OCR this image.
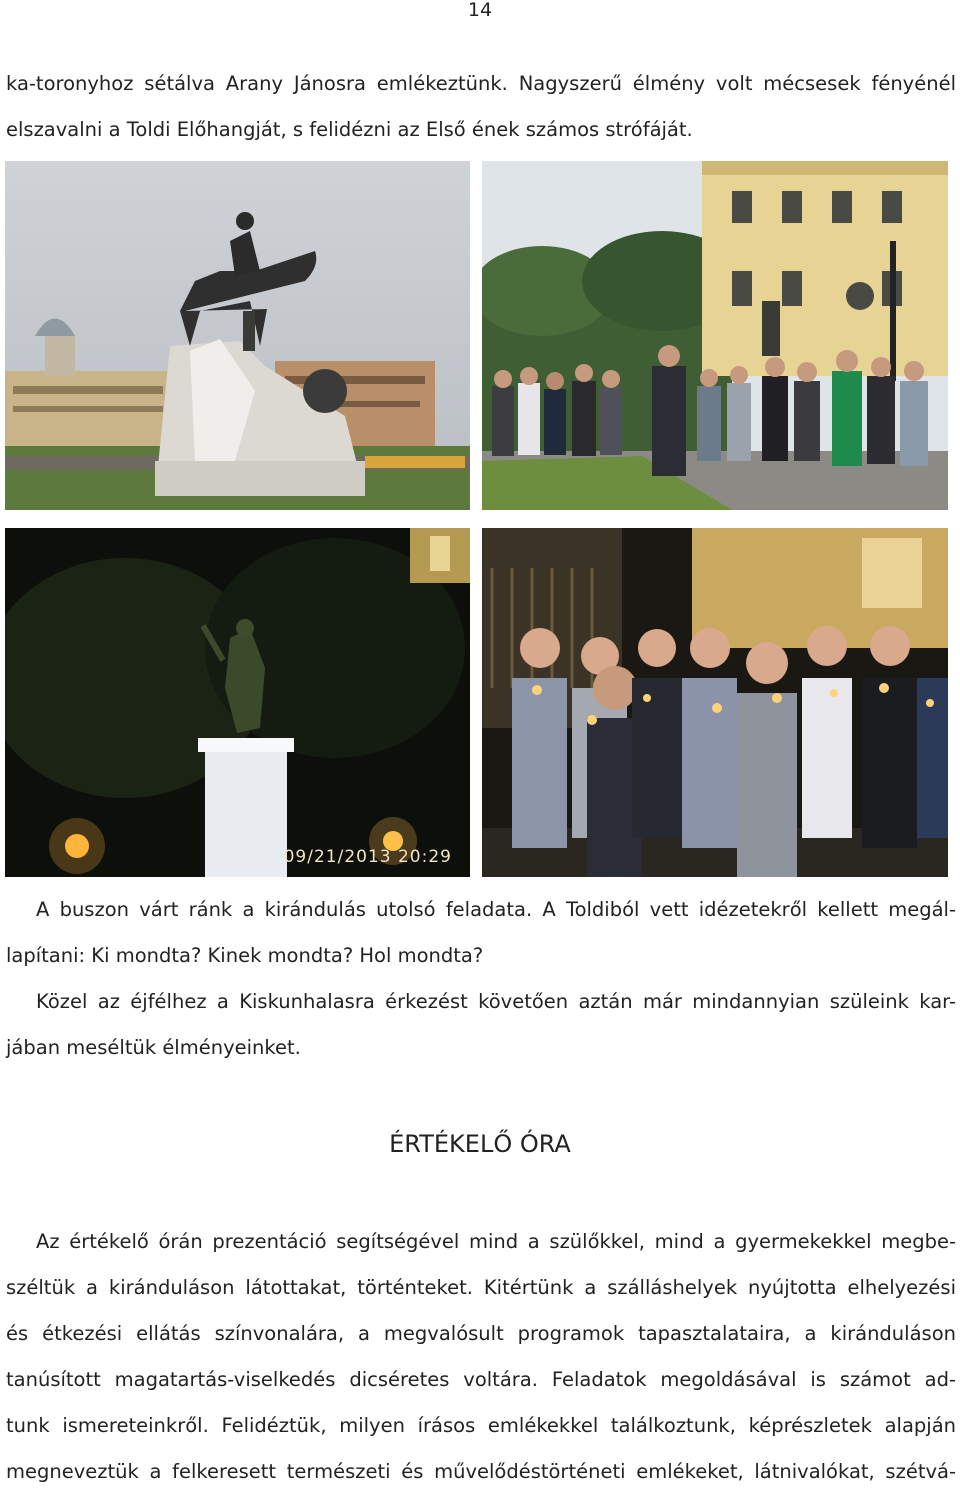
14
ka-toronyhoz sétálva Arany Jánosra emlékeztünk. Nagyszerű élmény volt mécsesek fényénél
elszavalni a Toldi Előhangját, s felidézni az Első ének számos strófáját.
09/21/2013 20:29
A buszon várt ránk a kirándulás utolsó feladata. A Toldiból vett idézetekről kellett megál-
lapítani: Ki mondta? Kinek mondta? Hol mondta?
Közel az éjfélhez a Kiskunhalasra érkezést követően aztán már mindannyian szüleink kar-
jában meséltük élményeinket.
ÉRTÉKELŐ ÓRA
Az értékelő órán prezentáció segítségével mind a szülőkkel, mind a gyermekekkel megbe-
széltük a kiránduláson látottakat, történteket. Kitértünk a szálláshelyek nyújtotta elhelyezési
és étkezési ellátás színvonalára, a megvalósult programok tapasztalataira, a kiránduláson
tanúsított magatartás-viselkedés dicséretes voltára. Feladatok megoldásával is számot ad-
tunk ismereteinkről. Felidéztük, milyen írásos emlékekkel találkoztunk, képrészletek alapján
megneveztük a felkeresett természeti és művelődéstörténeti emlékeket, látnivalókat, szétvá-
